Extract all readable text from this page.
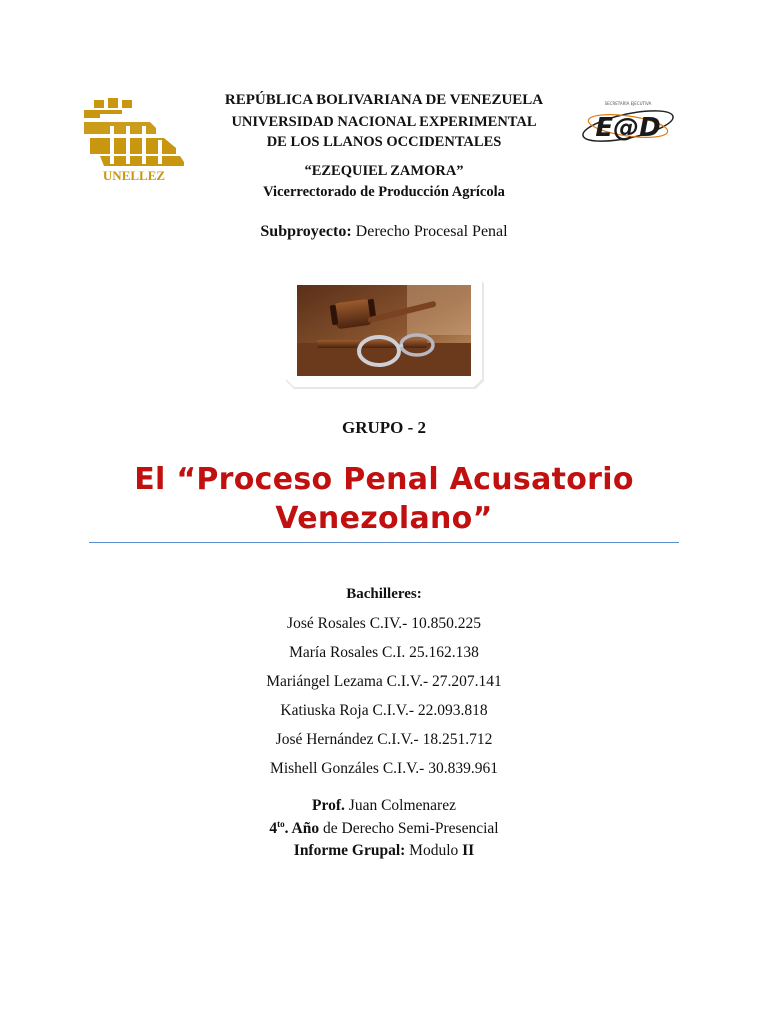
UNELLEZ
E@D
SECRETARÍA EJECUTIVA
REPÚBLICA BOLIVARIANA DE VENEZUELA
UNIVERSIDAD NACIONAL EXPERIMENTAL
DE LOS LLANOS OCCIDENTALES
“EZEQUIEL ZAMORA”
Vicerrectorado de Producción Agrícola
Subproyecto: Derecho Procesal Penal
GRUPO - 2
El “Proceso Penal Acusatorio
Venezolano”
Bachilleres:
José Rosales C.IV.- 10.850.225
María Rosales C.I. 25.162.138
Mariángel Lezama C.I.V.- 27.207.141
Katiuska Roja C.I.V.- 22.093.818
José Hernández C.I.V.- 18.251.712
Mishell Gonzáles C.I.V.- 30.839.961
Prof. Juan Colmenarez
$4^{to}$. Año de Derecho Semi-Presencial
Informe Grupal: Modulo II
